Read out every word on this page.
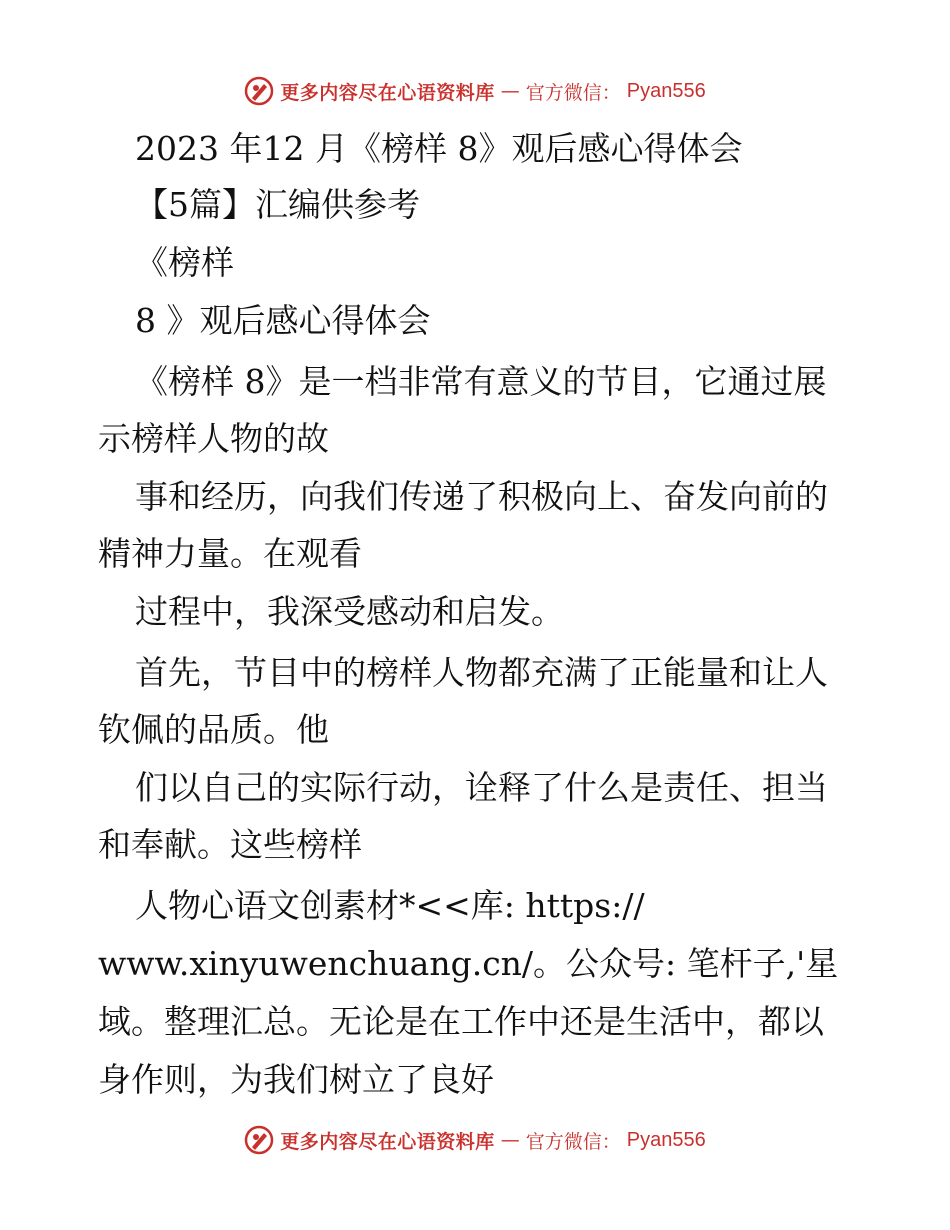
更多内容尽在心语资料库 — 官方微信： Pyan556
2023 年12 月《榜样 8》观后感心得体会
【5篇】汇编供参考
《榜样
8 》观后感心得体会
《榜样 8》是一档非常有意义的节目，它通过展
示榜样人物的故
事和经历，向我们传递了积极向上、奋发向前的
精神力量。在观看
过程中，我深受感动和启发。
首先，节目中的榜样人物都充满了正能量和让人
钦佩的品质。他
们以自己的实际行动，诠释了什么是责任、担当
和奉献。这些榜样
人物心语文创素材*<<库: https://
www.xinyuwenchuang.cn/。公众号: 笔杆子,'星
域。整理汇总。无论是在工作中还是生活中，都以
身作则，为我们树立了良好
更多内容尽在心语资料库 — 官方微信： Pyan556
